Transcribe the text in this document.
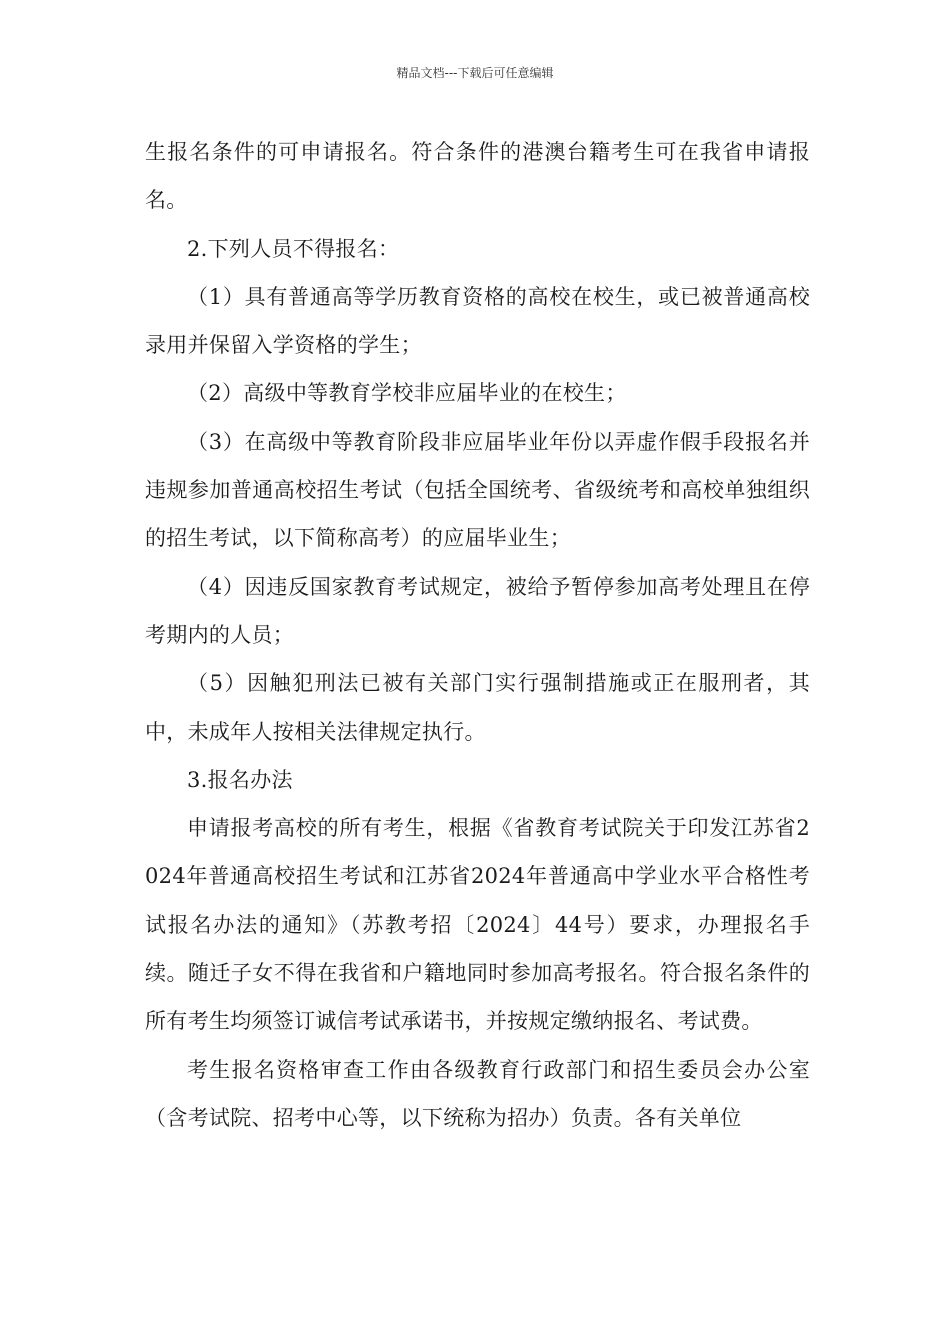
精品文档---下载后可任意编辑

生报名条件的可申请报名。符合条件的港澳台籍考生可在我省申请报名。

2.下列人员不得报名：

（1）具有普通高等学历教育资格的高校在校生，或已被普通高校录用并保留入学资格的学生；

（2）高级中等教育学校非应届毕业的在校生；

（3）在高级中等教育阶段非应届毕业年份以弄虚作假手段报名并违规参加普通高校招生考试（包括全国统考、省级统考和高校单独组织的招生考试，以下简称高考）的应届毕业生；

（4）因违反国家教育考试规定，被给予暂停参加高考处理且在停考期内的人员；

（5）因触犯刑法已被有关部门实行强制措施或正在服刑者，其中，未成年人按相关法律规定执行。

3.报名办法

申请报考高校的所有考生，根据《省教育考试院关于印发江苏省2024年普通高校招生考试和江苏省2024年普通高中学业水平合格性考试报名办法的通知》（苏教考招〔2024〕44号）要求，办理报名手续。随迁子女不得在我省和户籍地同时参加高考报名。符合报名条件的所有考生均须签订诚信考试承诺书，并按规定缴纳报名、考试费。

考生报名资格审查工作由各级教育行政部门和招生委员会办公室（含考试院、招考中心等，以下统称为招办）负责。各有关单位
